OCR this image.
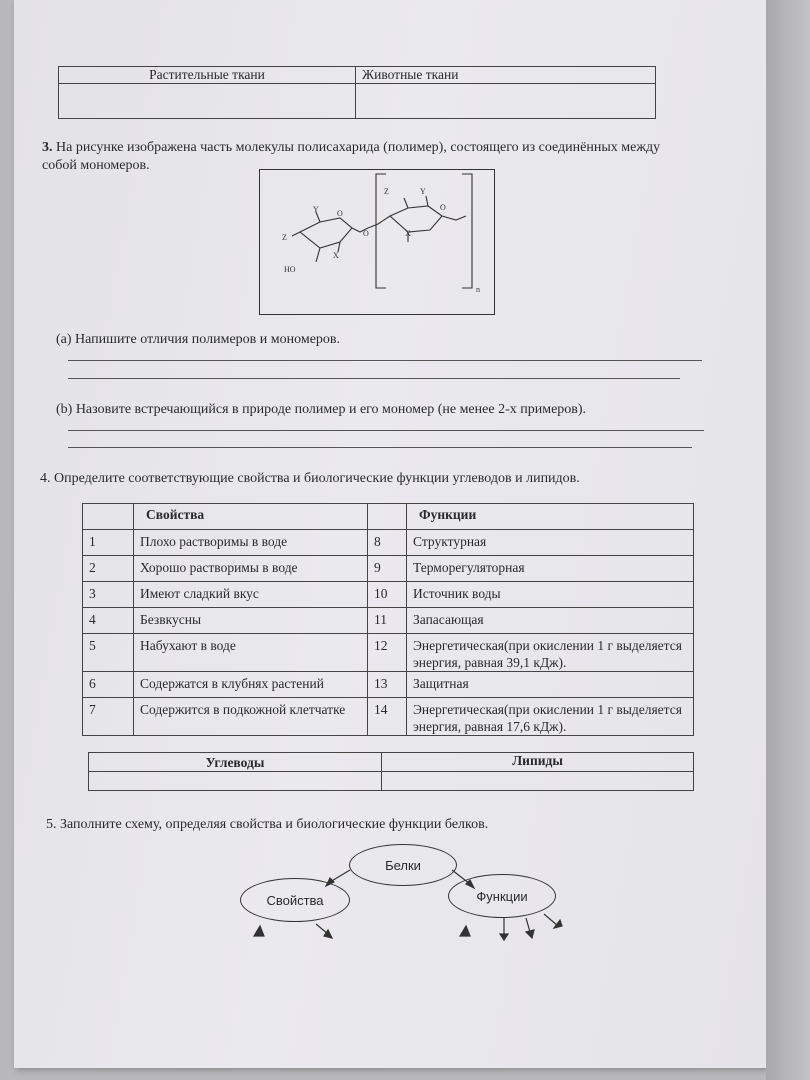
Растительные ткани	Животные ткани

3. На рисунке изображена часть молекулы полисахарида (полимер), состоящего из соединённых между собой мономеров.
Y
Z
O
X
HO
O
Z	Y
O
X
n
(a) Напишите отличия полимеров и мономеров.
(b) Назовите встречающийся в природе полимер и его мономер (не менее 2-х примеров).
4. Определите соответствующие свойства и биологические функции углеводов и липидов.
	Свойства		Функции
1	Плохо растворимы в воде	8	Структурная
2	Хорошо растворимы в воде	9	Терморегуляторная
3	Имеют сладкий вкус	10	Источник воды
4	Безвкусны	11	Запасающая
5	Набухают в воде	12	Энергетическая(при окислении 1 г выделяется энергия, равная 39,1 кДж).
6	Содержатся в клубнях растений	13	Защитная
7	Содержится в подкожной клетчатке	14	Энергетическая(при окислении 1 г выделяется энергия, равная 17,6 кДж).
Углеводы	Липиды

5. Заполните схему, определяя свойства и биологические функции белков.
Белки
Свойства	Функции
